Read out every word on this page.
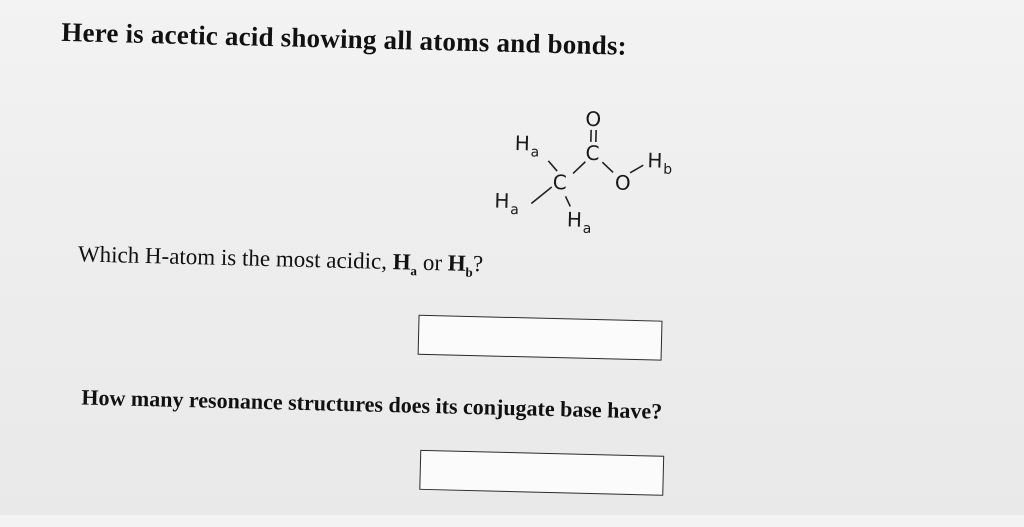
Here is acetic acid showing all atoms and bonds:
O
C
C O
H b
H a
H a H a
Which H-atom is the most acidic, $H_a$ or $H_b$?
How many resonance structures does its conjugate base have?
